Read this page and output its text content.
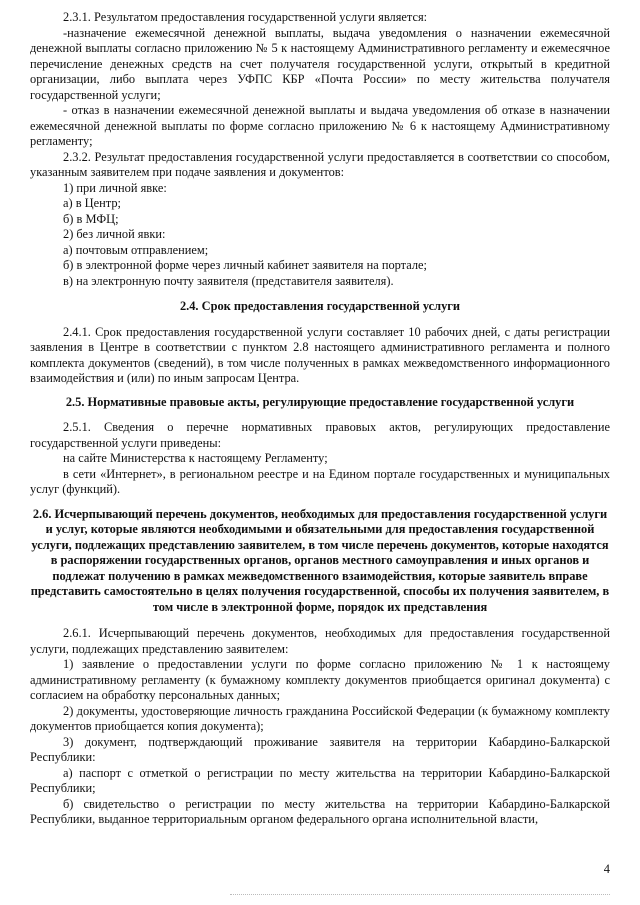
2.3.1. Результатом предоставления государственной услуги является:

-назначение ежемесячной денежной выплаты, выдача уведомления о назначении ежемесячной денежной выплаты согласно приложению № 5 к настоящему Административного регламенту и ежемесячное перечисление денежных средств на счет получателя государственной услуги, открытый в кредитной организации, либо выплата через УФПС КБР «Почта России» по месту жительства получателя государственной услуги;

- отказ в назначении ежемесячной денежной выплаты и выдача уведомления об отказе в назначении ежемесячной денежной выплаты по форме согласно приложению № 6 к настоящему Административному регламенту;

2.3.2. Результат предоставления государственной услуги предоставляется в соответствии со способом, указанным заявителем при подаче заявления и документов:

1) при личной явке:

а) в Центр;

б) в МФЦ;

2) без личной явки:

а) почтовым отправлением;

б) в электронной форме через личный кабинет заявителя на портале;

в) на электронную почту заявителя (представителя заявителя).

2.4. Срок предоставления государственной услуги

2.4.1. Срок предоставления государственной услуги составляет 10 рабочих дней, с даты регистрации заявления в Центре в соответствии с пунктом 2.8 настоящего административного регламента и полного комплекта документов (сведений), в том числе полученных в рамках межведомственного информационного взаимодействия и (или) по иным запросам Центра.

2.5. Нормативные правовые акты, регулирующие предоставление государственной услуги

2.5.1. Сведения о перечне нормативных правовых актов, регулирующих предоставление государственной услуги приведены:

на сайте Министерства к настоящему Регламенту;

в сети «Интернет», в региональном реестре и на Едином портале государственных и муниципальных услуг (функций).

2.6. Исчерпывающий перечень документов, необходимых для предоставления государственной услуги и услуг, которые являются необходимыми и обязательными для предоставления государственной услуги, подлежащих представлению заявителем, в том числе перечень документов, которые находятся в распоряжении государственных органов, органов местного самоуправления и иных органов и подлежат получению в рамках межведомственного взаимодействия, которые заявитель вправе представить самостоятельно в целях получения государственной, способы их получения заявителем, в том числе в электронной форме, порядок их представления

2.6.1. Исчерпывающий перечень документов, необходимых для предоставления государственной услуги, подлежащих представлению заявителем:

1) заявление о предоставлении услуги по форме согласно приложению № 1 к настоящему административному регламенту (к бумажному комплекту документов приобщается оригинал документа) с согласием на обработку персональных данных;

2) документы, удостоверяющие личность гражданина Российской Федерации (к бумажному комплекту документов приобщается копия документа);

3) документ, подтверждающий проживание заявителя на территории Кабардино-Балкарской Республики:

а) паспорт с отметкой о регистрации по месту жительства на территории Кабардино-Балкарской Республики;

б) свидетельство о регистрации по месту жительства на территории Кабардино-Балкарской Республики, выданное территориальным органом федерального органа исполнительной власти,

4
